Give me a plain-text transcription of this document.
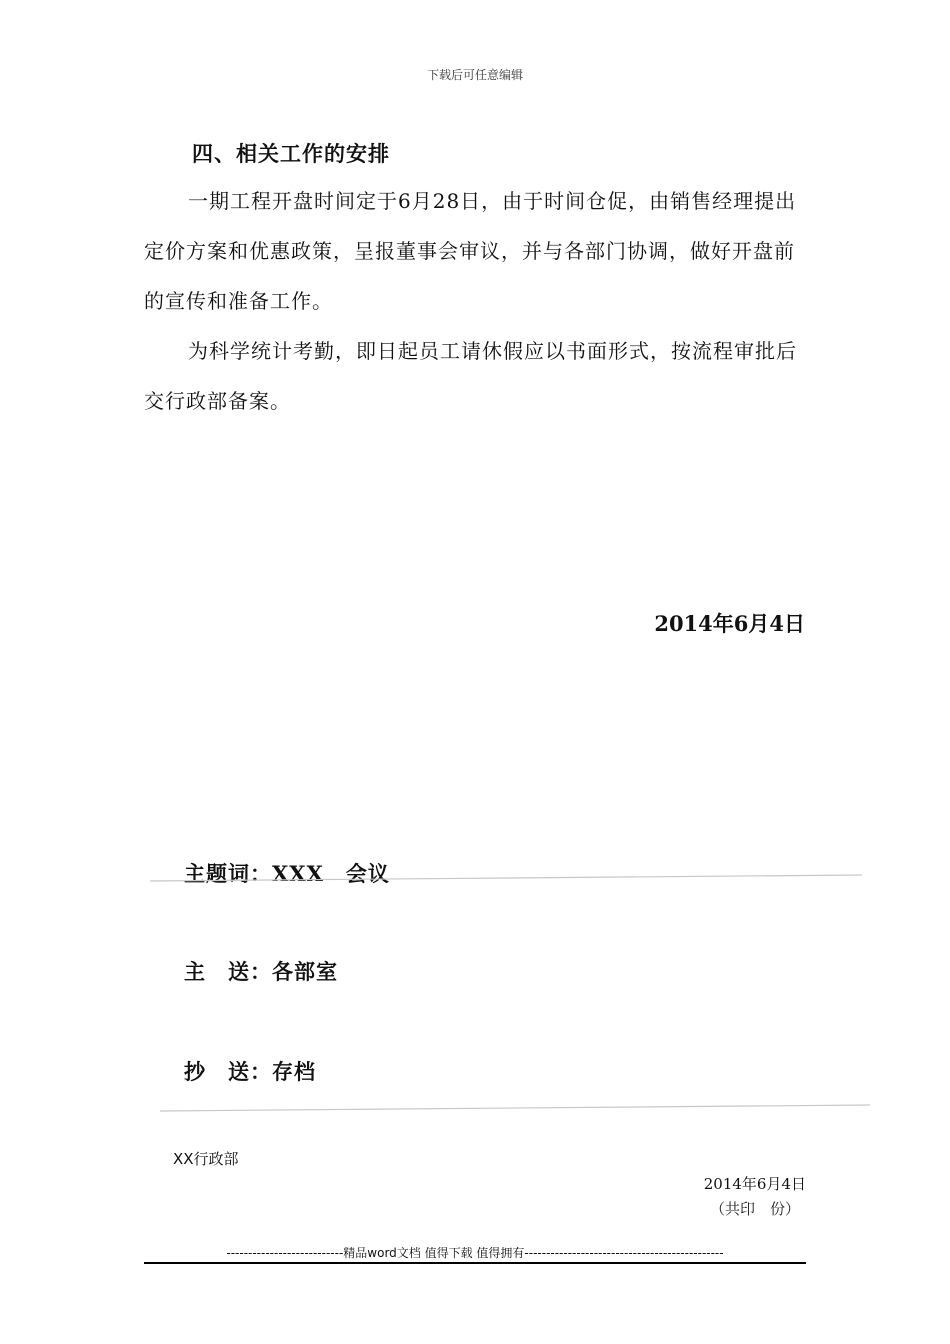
下载后可任意编辑
四、相关工作的安排
一期工程开盘时间定于6月28日，由于时间仓促，由销售经理提出定价方案和优惠政策，呈报董事会审议，并与各部门协调，做好开盘前的宣传和准备工作。
为科学统计考勤，即日起员工请休假应以书面形式，按流程审批后交行政部备案。
2014年6月4日
主题词：XXX　会议
主　送：各部室
抄　送：存档
XX行政部
2014年6月4日
（共印　份）
---------------------------精品word文档 值得下载 值得拥有----------------------------------------------
